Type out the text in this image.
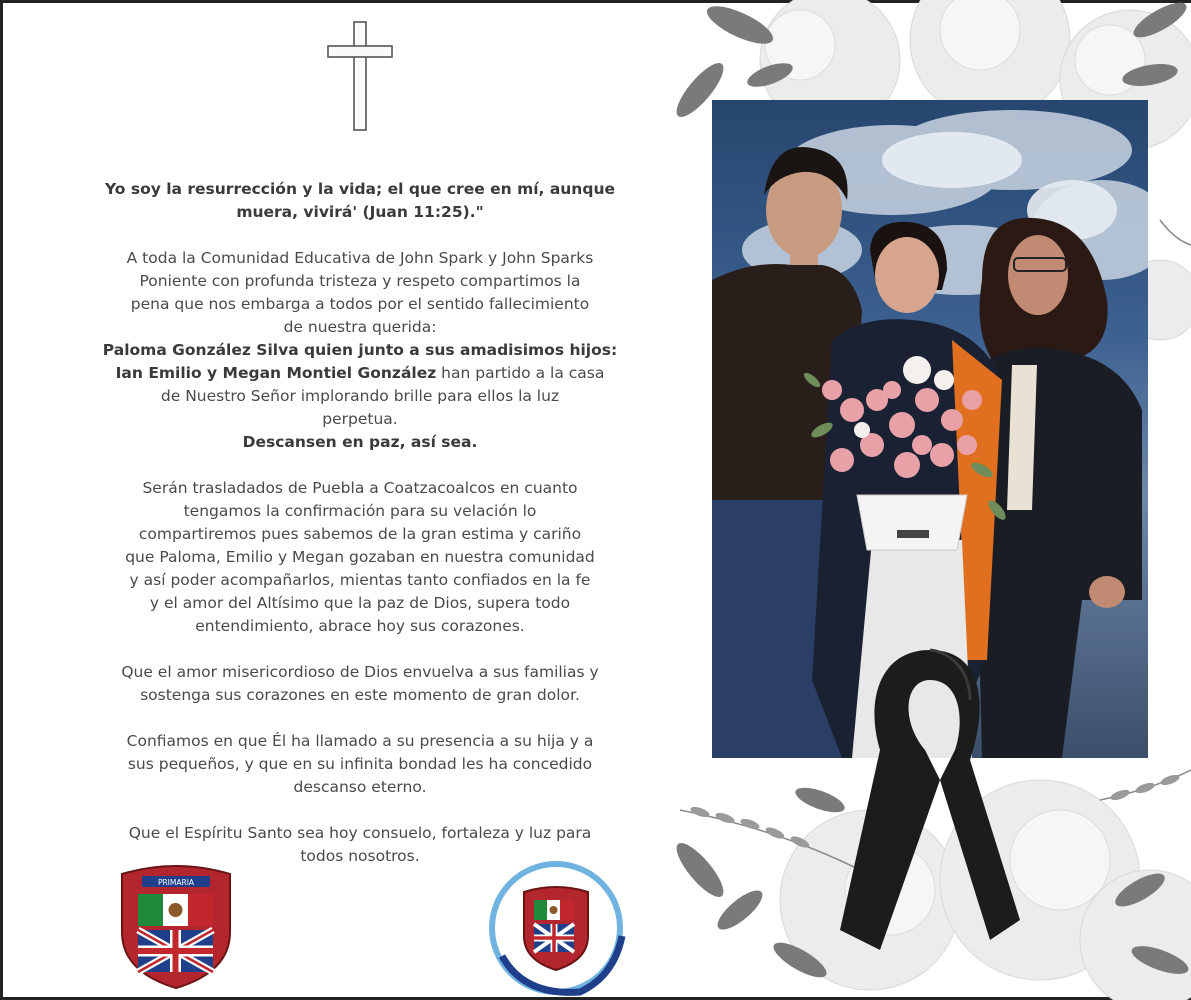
Yo soy la resurrección y la vida; el que cree en mí, aunque muera, vivirá' (Juan 11:25)."

A toda la Comunidad Educativa de John Spark y John Sparks
Poniente con profunda tristeza y respeto compartimos la
pena que nos embarga a todos por el sentido fallecimiento
de nuestra querida:
Paloma González Silva quien junto a sus amadisimos hijos:
Ian Emilio y Megan Montiel González han partido a la casa
de Nuestro Señor implorando brille para ellos la luz
perpetua.
Descansen en paz, así sea.

Serán trasladados de Puebla a Coatzacoalcos en cuanto
tengamos la confirmación para su velación lo
compartiremos pues sabemos de la gran estima y cariño
que Paloma, Emilio y Megan gozaban en nuestra comunidad
y así poder acompañarlos, mientas tanto confiados en la fe
y el amor del Altísimo que la paz de Dios, supera todo
entendimiento, abrace hoy sus corazones.

Que el amor misericordioso de Dios envuelva a sus familias y
sostenga sus corazones en este momento de gran dolor.

Confiamos en que Él ha llamado a su presencia a su hija y a
sus pequeños, y que en su infinita bondad les ha concedido
descanso eterno.

Que el Espíritu Santo sea hoy consuelo, fortaleza y luz para
todos nosotros.

PRIMARIA
